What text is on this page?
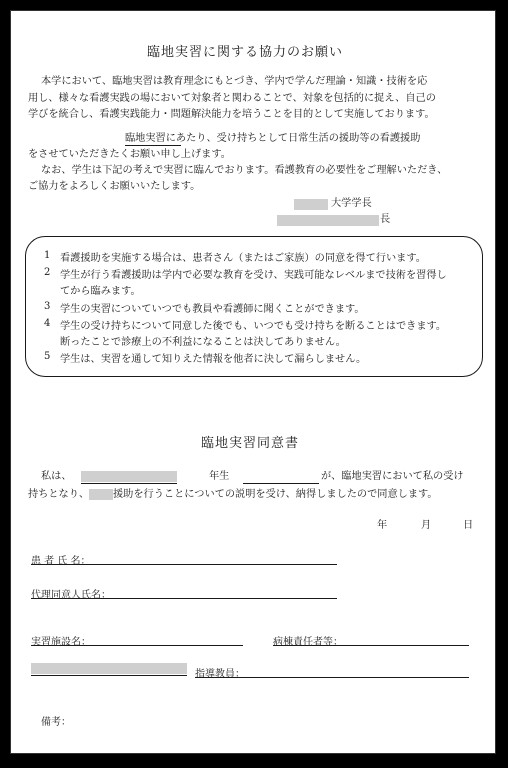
臨地実習に関する協力のお願い
本学において、臨地実習は教育理念にもとづき、学内で学んだ理論・知識・技術を応
用し、様々な看護実践の場において対象者と関わることで、対象を包括的に捉え、自己の
学びを統合し、看護実践能力・問題解決能力を培うことを目的として実施しております。
臨地実習にあたり、受け持ちとして日常生活の援助等の看護援助
をさせていただきたくお願い申し上げます。
なお、学生は下記の考えで実習に臨んでおります。看護教育の必要性をご理解いただき、
ご協力をよろしくお願いいたします。
大学学長
長
1 看護援助を実施する場合は、患者さん（またはご家族）の同意を得て行います。
2 学生が行う看護援助は学内で必要な教育を受け、実践可能なレベルまで技術を習得し
てから臨みます。
3 学生の実習についていつでも教員や看護師に聞くことができます。
4 学生の受け持ちについて同意した後でも、いつでも受け持ちを断ることはできます。
断ったことで診療上の不利益になることは決してありません。
5 学生は、実習を通して知りえた情報を他者に決して漏らしません。
臨地実習同意書
私は、	年生	が、臨地実習において私の受け
持ちとなり、 援助を行うことについての説明を受け、納得しましたので同意します。
年	月	日
患 者 氏 名：
代理同意人氏名：
実習施設名：	病棟責任者等：
指導教員：
備考：
